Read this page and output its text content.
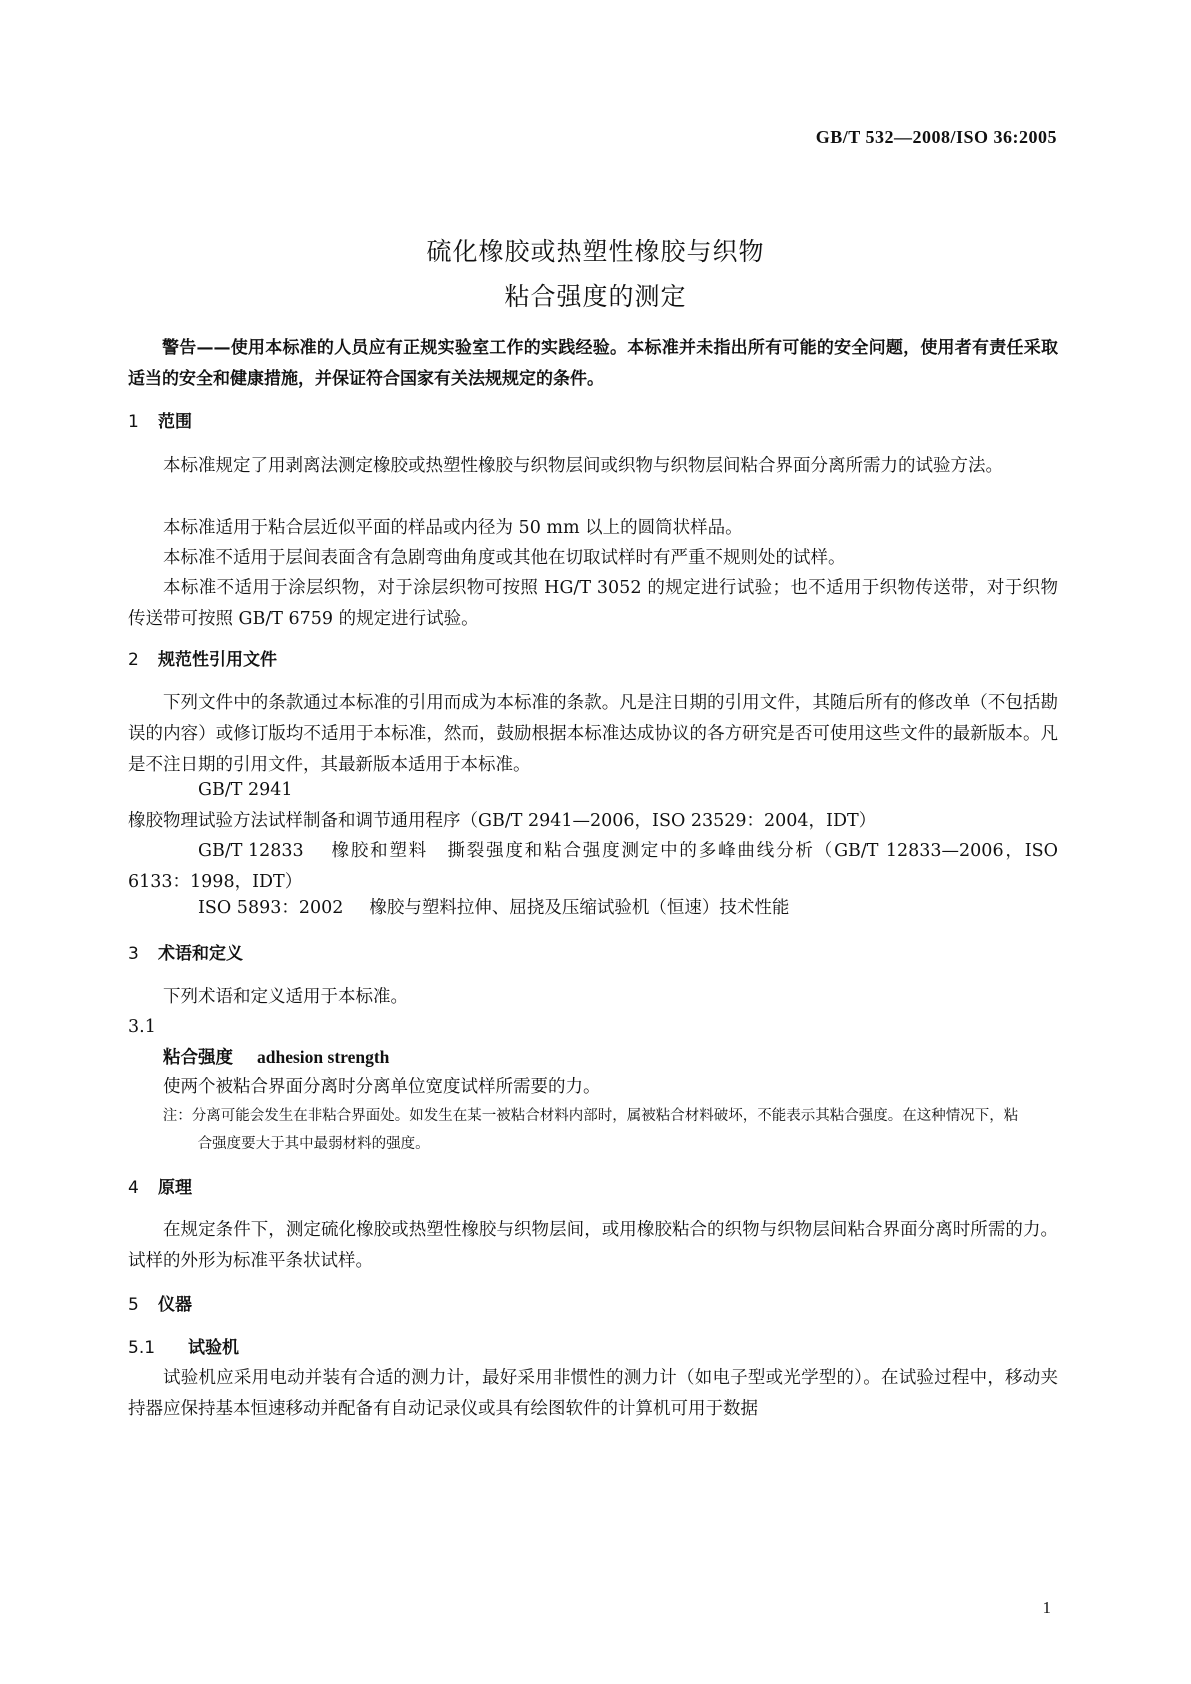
GB/T 532—2008/ISO 36:2005
硫化橡胶或热塑性橡胶与织物
粘合强度的测定
警告——使用本标准的人员应有正规实验室工作的实践经验。本标准并未指出所有可能的安全问题，使用者有责任采取适当的安全和健康措施，并保证符合国家有关法规规定的条件。
1 范围
本标准规定了用剥离法测定橡胶或热塑性橡胶与织物层间或织物与织物层间粘合界面分离所需力的试验方法。
本标准适用于粘合层近似平面的样品或内径为 50 mm 以上的圆筒状样品。
本标准不适用于层间表面含有急剧弯曲角度或其他在切取试样时有严重不规则处的试样。
本标准不适用于涂层织物，对于涂层织物可按照 HG/T 3052 的规定进行试验；也不适用于织物传送带，对于织物传送带可按照 GB/T 6759 的规定进行试验。
2 规范性引用文件
下列文件中的条款通过本标准的引用而成为本标准的条款。凡是注日期的引用文件，其随后所有的修改单（不包括勘误的内容）或修订版均不适用于本标准，然而，鼓励根据本标准达成协议的各方研究是否可使用这些文件的最新版本。凡是不注日期的引用文件，其最新版本适用于本标准。
GB/T 2941橡胶物理试验方法试样制备和调节通用程序（GB/T 2941—2006，ISO 23529：2004，IDT）
GB/T 12833 橡胶和塑料　撕裂强度和粘合强度测定中的多峰曲线分析（GB/T 12833—2006，ISO 6133：1998，IDT）
ISO 5893：2002 橡胶与塑料拉伸、屈挠及压缩试验机（恒速）技术性能
3 术语和定义
下列术语和定义适用于本标准。
3.1
粘合强度 adhesion strength
使两个被粘合界面分离时分离单位宽度试样所需要的力。
注：分离可能会发生在非粘合界面处。如发生在某一被粘合材料内部时，属被粘合材料破坏，不能表示其粘合强度。在这种情况下，粘合强度要大于其中最弱材料的强度。
4 原理
在规定条件下，测定硫化橡胶或热塑性橡胶与织物层间，或用橡胶粘合的织物与织物层间粘合界面分离时所需的力。试样的外形为标准平条状试样。
5 仪器
5.1 试验机
试验机应采用电动并装有合适的测力计，最好采用非惯性的测力计（如电子型或光学型的）。在试验过程中，移动夹持器应保持基本恒速移动并配备有自动记录仪或具有绘图软件的计算机可用于数据
1
